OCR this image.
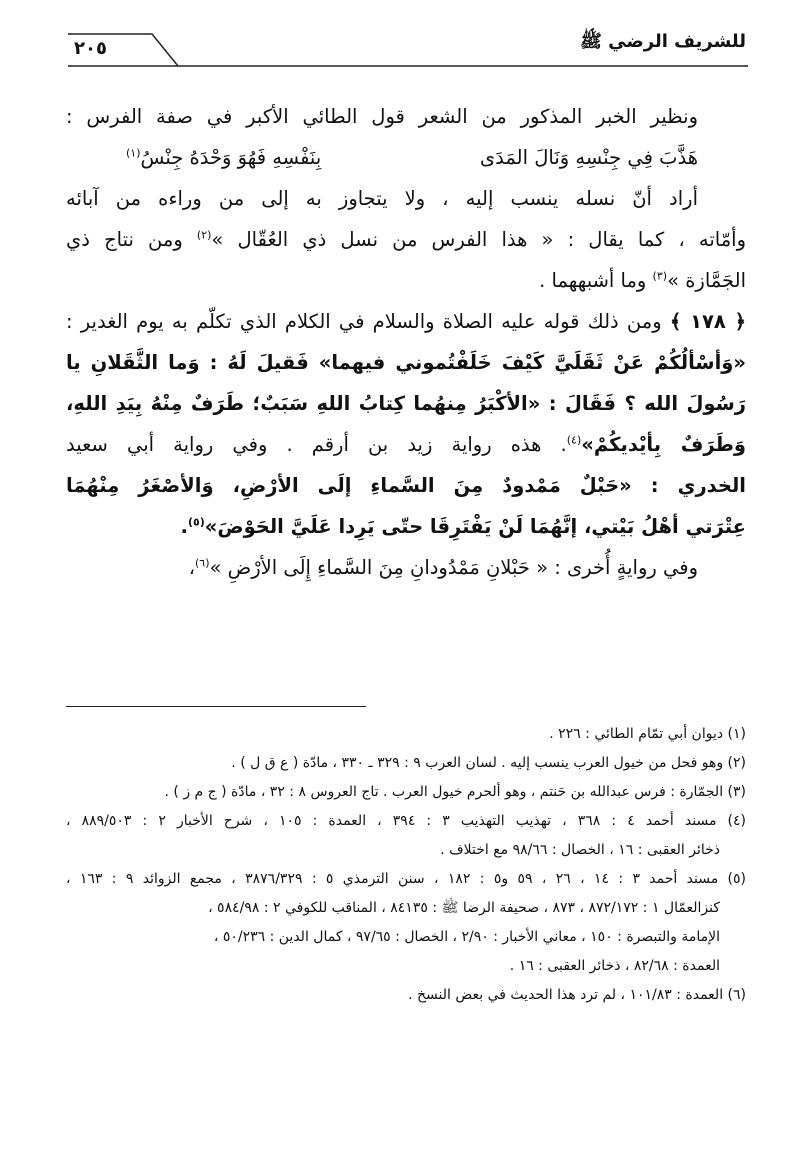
للشريف الرضي ﷺ
٢٠٥
ونظير الخبر المذكور من الشعر قول الطائي الأكبر في صفة الفرس :
هَذَّبَ فِي جِنْسِهِ وَنَالَ المَدَى
بِنَفْسِهِ فَهُوَ وَحْدَهُ جِنْسُ$^{(١)}$
أراد أنّ نسله ينسب إليه ، ولا يتجاوز به إلى من وراءه من آبائه
وأمّاته ، كما يقال : « هذا الفرس من نسل ذي العُقّال »$^{(٢)}$ ومن نتاج ذي
الجَمَّازة »$^{(٣)}$ وما أشبههما .
﴿ ١٧٨ ﴾ ومن ذلك قوله عليه الصلاة والسلام في الكلام الذي تكلّم به يوم الغدير :
«وَأسْألُكُمْ عَنْ ثَقَلَيَّ كَيْفَ خَلَفْتُموني فيهما» فَقيلَ لَهُ : وَما الثَّقَلانِ يا
رَسُولَ الله ؟ فَقَالَ : «الأكْبَرُ مِنهُما كِتابُ اللهِ سَبَبٌ؛ طَرَفٌ مِنْهُ بِيَدِ اللهِ،
وَطَرَفٌ بِأيْديكُمْ»$^{(٤)}$. هذه رواية زيد بن أرقم . وفي رواية أبي سعيد
الخدري : «حَبْلٌ مَمْدودٌ مِنَ السَّماءِ إلَى الأرْضِ، وَالأصْغَرُ مِنْهُمَا
عِتْرَتي أهْلُ بَيْتي، إنَّهُمَا لَنْ يَفْتَرِقَا حتّى يَرِدا عَلَيَّ الحَوْضَ»$^{(٥)}$.
وفي روايةٍ أُخرى : « حَبْلانِ مَمْدُودانِ مِنَ السَّماءِ إِلَى الأرْضِ »$^{(٦)}$،
(١) ديوان أبي تمّام الطائي : ٢٢٦ .
(٢) وهو فحل من خيول العرب ينسب إليه . لسان العرب ٩ : ٣٢٩ ـ ٣٣٠ ، مادّة ( ع ق ل ) .
(٣) الجمّارة : فرس عبدالله بن حَنتم ، وهو ألحرم خيول العرب . تاج العروس ٨ : ٣٢ ، مادّة ( ج م ز ) .
(٤) مسند أحمد ٤ : ٣٦٨ ، تهذيب التهذيب ٣ : ٣٩٤ ، العمدة : ١٠٥ ، شرح الأخبار ٢ : ٨٨٩/٥٠٣ ،
ذخائر العقبى : ١٦ ، الخصال : ٩٨/٦٦ مع اختلاف .
(٥) مسند أحمد ٣ : ١٤ ، ٢٦ ، ٥٩ و٥ : ١٨٢ ، سنن الترمذي ٥ : ٣٨٧٦/٣٢٩ ، مجمع الزوائد ٩ : ١٦٣ ،
كنزالعمّال ١ : ٨٧٢/١٧٢ ، ٨٧٣ ، صحيفة الرضا ﷺ : ٨٤١٣٥ ، المناقب للكوفي ٢ : ٥٨٤/٩٨ ،
الإمامة والتبصرة : ١٥٠ ، معاني الأخبار : ٢/٩٠ ، الخصال : ٩٧/٦٥ ، كمال الدين : ٥٠/٢٣٦ ،
العمدة : ٨٢/٦٨ ، ذخائر العقبى : ١٦ .
(٦) العمدة : ١٠١/٨٣ ، لم ترد هذا الحديث في بعض النسخ .
